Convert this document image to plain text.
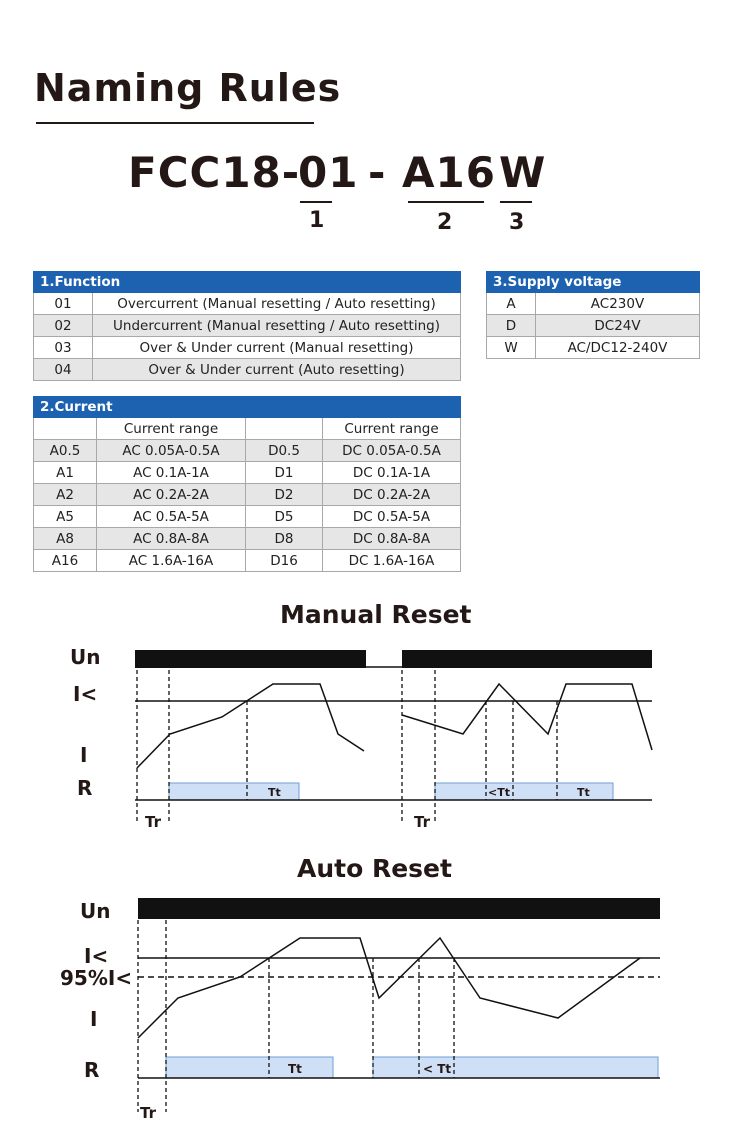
Naming Rules
FCC18-
01 - A16 W
1	2	3
1.Function	
01	Overcurrent (Manual resetting / Auto resetting)
02	Undercurrent (Manual resetting / Auto resetting)
03	Over & Under current (Manual resetting)
04	Over & Under current (Auto resetting)
3.Supply voltage	
A	AC230V
D	DC24V
W	AC/DC12-240V
2.Current			
	Current range		Current range
A0.5	AC 0.05A-0.5A	D0.5	DC 0.05A-0.5A
A1	AC 0.1A-1A	D1	DC 0.1A-1A
A2	AC 0.2A-2A	D2	DC 0.2A-2A
A5	AC 0.5A-5A	D5	DC 0.5A-5A
A8	AC 0.8A-8A	D8	DC 0.8A-8A
A16	AC 1.6A-16A	D16	DC 1.6A-16A
Manual Reset
Un
I<
I
R	Tt	<Tt	Tt
Tr	Tr
Auto Reset
Un
I<
95%I<
I
R	Tt	< Tt
Tr
